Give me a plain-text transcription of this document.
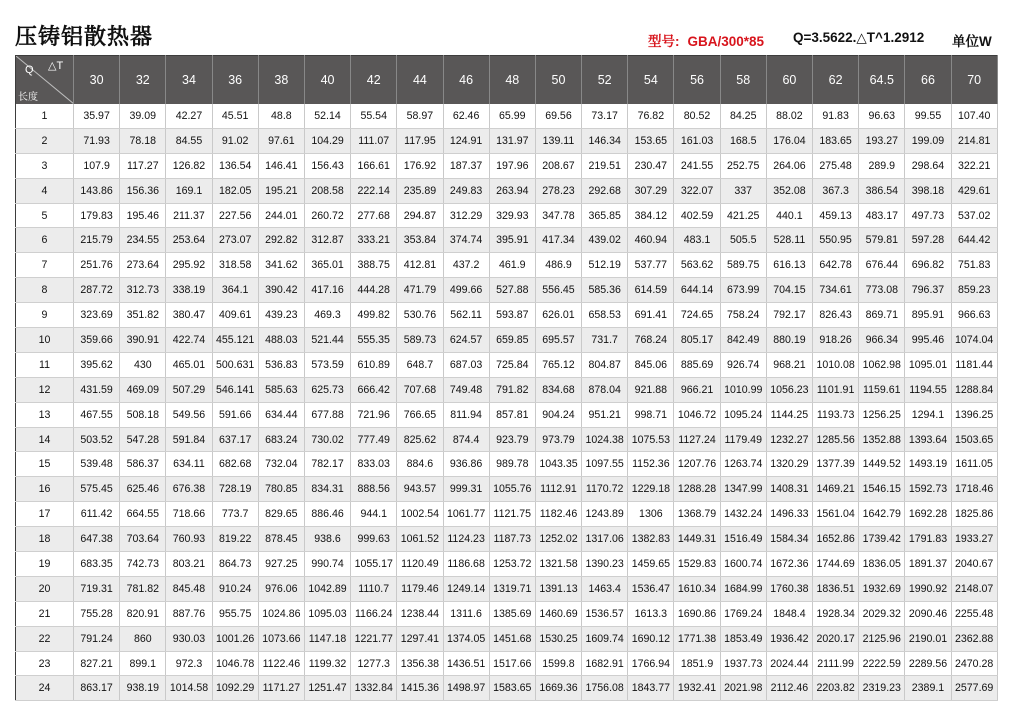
压铸铝散热器	型号: GBA/300*85 Q=3.5622.△T^1.2912 单位W
Q △T
长度	30	32	34	36	38	40	42	44	46	48	50	52	54	56	58	60	62	64.5	66	70
1	35.97	39.09	42.27	45.51	48.8	52.14	55.54	58.97	62.46	65.99	69.56	73.17	76.82	80.52	84.25	88.02	91.83	96.63	99.55	107.40
2	71.93	78.18	84.55	91.02	97.61	104.29	111.07	117.95	124.91	131.97	139.11	146.34	153.65	161.03	168.5	176.04	183.65	193.27	199.09	214.81
3	107.9	117.27	126.82	136.54	146.41	156.43	166.61	176.92	187.37	197.96	208.67	219.51	230.47	241.55	252.75	264.06	275.48	289.9	298.64	322.21
4	143.86	156.36	169.1	182.05	195.21	208.58	222.14	235.89	249.83	263.94	278.23	292.68	307.29	322.07	337	352.08	367.3	386.54	398.18	429.61
5	179.83	195.46	211.37	227.56	244.01	260.72	277.68	294.87	312.29	329.93	347.78	365.85	384.12	402.59	421.25	440.1	459.13	483.17	497.73	537.02
6	215.79	234.55	253.64	273.07	292.82	312.87	333.21	353.84	374.74	395.91	417.34	439.02	460.94	483.1	505.5	528.11	550.95	579.81	597.28	644.42
7	251.76	273.64	295.92	318.58	341.62	365.01	388.75	412.81	437.2	461.9	486.9	512.19	537.77	563.62	589.75	616.13	642.78	676.44	696.82	751.83
8	287.72	312.73	338.19	364.1	390.42	417.16	444.28	471.79	499.66	527.88	556.45	585.36	614.59	644.14	673.99	704.15	734.61	773.08	796.37	859.23
9	323.69	351.82	380.47	409.61	439.23	469.3	499.82	530.76	562.11	593.87	626.01	658.53	691.41	724.65	758.24	792.17	826.43	869.71	895.91	966.63
10	359.66	390.91	422.74	455.121	488.03	521.44	555.35	589.73	624.57	659.85	695.57	731.7	768.24	805.17	842.49	880.19	918.26	966.34	995.46	1074.04
11	395.62	430	465.01	500.631	536.83	573.59	610.89	648.7	687.03	725.84	765.12	804.87	845.06	885.69	926.74	968.21	1010.08	1062.98	1095.01	1181.44
12	431.59	469.09	507.29	546.141	585.63	625.73	666.42	707.68	749.48	791.82	834.68	878.04	921.88	966.21	1010.99	1056.23	1101.91	1159.61	1194.55	1288.84
13	467.55	508.18	549.56	591.66	634.44	677.88	721.96	766.65	811.94	857.81	904.24	951.21	998.71	1046.72	1095.24	1144.25	1193.73	1256.25	1294.1	1396.25
14	503.52	547.28	591.84	637.17	683.24	730.02	777.49	825.62	874.4	923.79	973.79	1024.38	1075.53	1127.24	1179.49	1232.27	1285.56	1352.88	1393.64	1503.65
15	539.48	586.37	634.11	682.68	732.04	782.17	833.03	884.6	936.86	989.78	1043.35	1097.55	1152.36	1207.76	1263.74	1320.29	1377.39	1449.52	1493.19	1611.05
16	575.45	625.46	676.38	728.19	780.85	834.31	888.56	943.57	999.31	1055.76	1112.91	1170.72	1229.18	1288.28	1347.99	1408.31	1469.21	1546.15	1592.73	1718.46
17	611.42	664.55	718.66	773.7	829.65	886.46	944.1	1002.54	1061.77	1121.75	1182.46	1243.89	1306	1368.79	1432.24	1496.33	1561.04	1642.79	1692.28	1825.86
18	647.38	703.64	760.93	819.22	878.45	938.6	999.63	1061.52	1124.23	1187.73	1252.02	1317.06	1382.83	1449.31	1516.49	1584.34	1652.86	1739.42	1791.83	1933.27
19	683.35	742.73	803.21	864.73	927.25	990.74	1055.17	1120.49	1186.68	1253.72	1321.58	1390.23	1459.65	1529.83	1600.74	1672.36	1744.69	1836.05	1891.37	2040.67
20	719.31	781.82	845.48	910.24	976.06	1042.89	1110.7	1179.46	1249.14	1319.71	1391.13	1463.4	1536.47	1610.34	1684.99	1760.38	1836.51	1932.69	1990.92	2148.07
21	755.28	820.91	887.76	955.75	1024.86	1095.03	1166.24	1238.44	1311.6	1385.69	1460.69	1536.57	1613.3	1690.86	1769.24	1848.4	1928.34	2029.32	2090.46	2255.48
22	791.24	860	930.03	1001.26	1073.66	1147.18	1221.77	1297.41	1374.05	1451.68	1530.25	1609.74	1690.12	1771.38	1853.49	1936.42	2020.17	2125.96	2190.01	2362.88
23	827.21	899.1	972.3	1046.78	1122.46	1199.32	1277.3	1356.38	1436.51	1517.66	1599.8	1682.91	1766.94	1851.9	1937.73	2024.44	2111.99	2222.59	2289.56	2470.28
24	863.17	938.19	1014.58	1092.29	1171.27	1251.47	1332.84	1415.36	1498.97	1583.65	1669.36	1756.08	1843.77	1932.41	2021.98	2112.46	2203.82	2319.23	2389.1	2577.69
